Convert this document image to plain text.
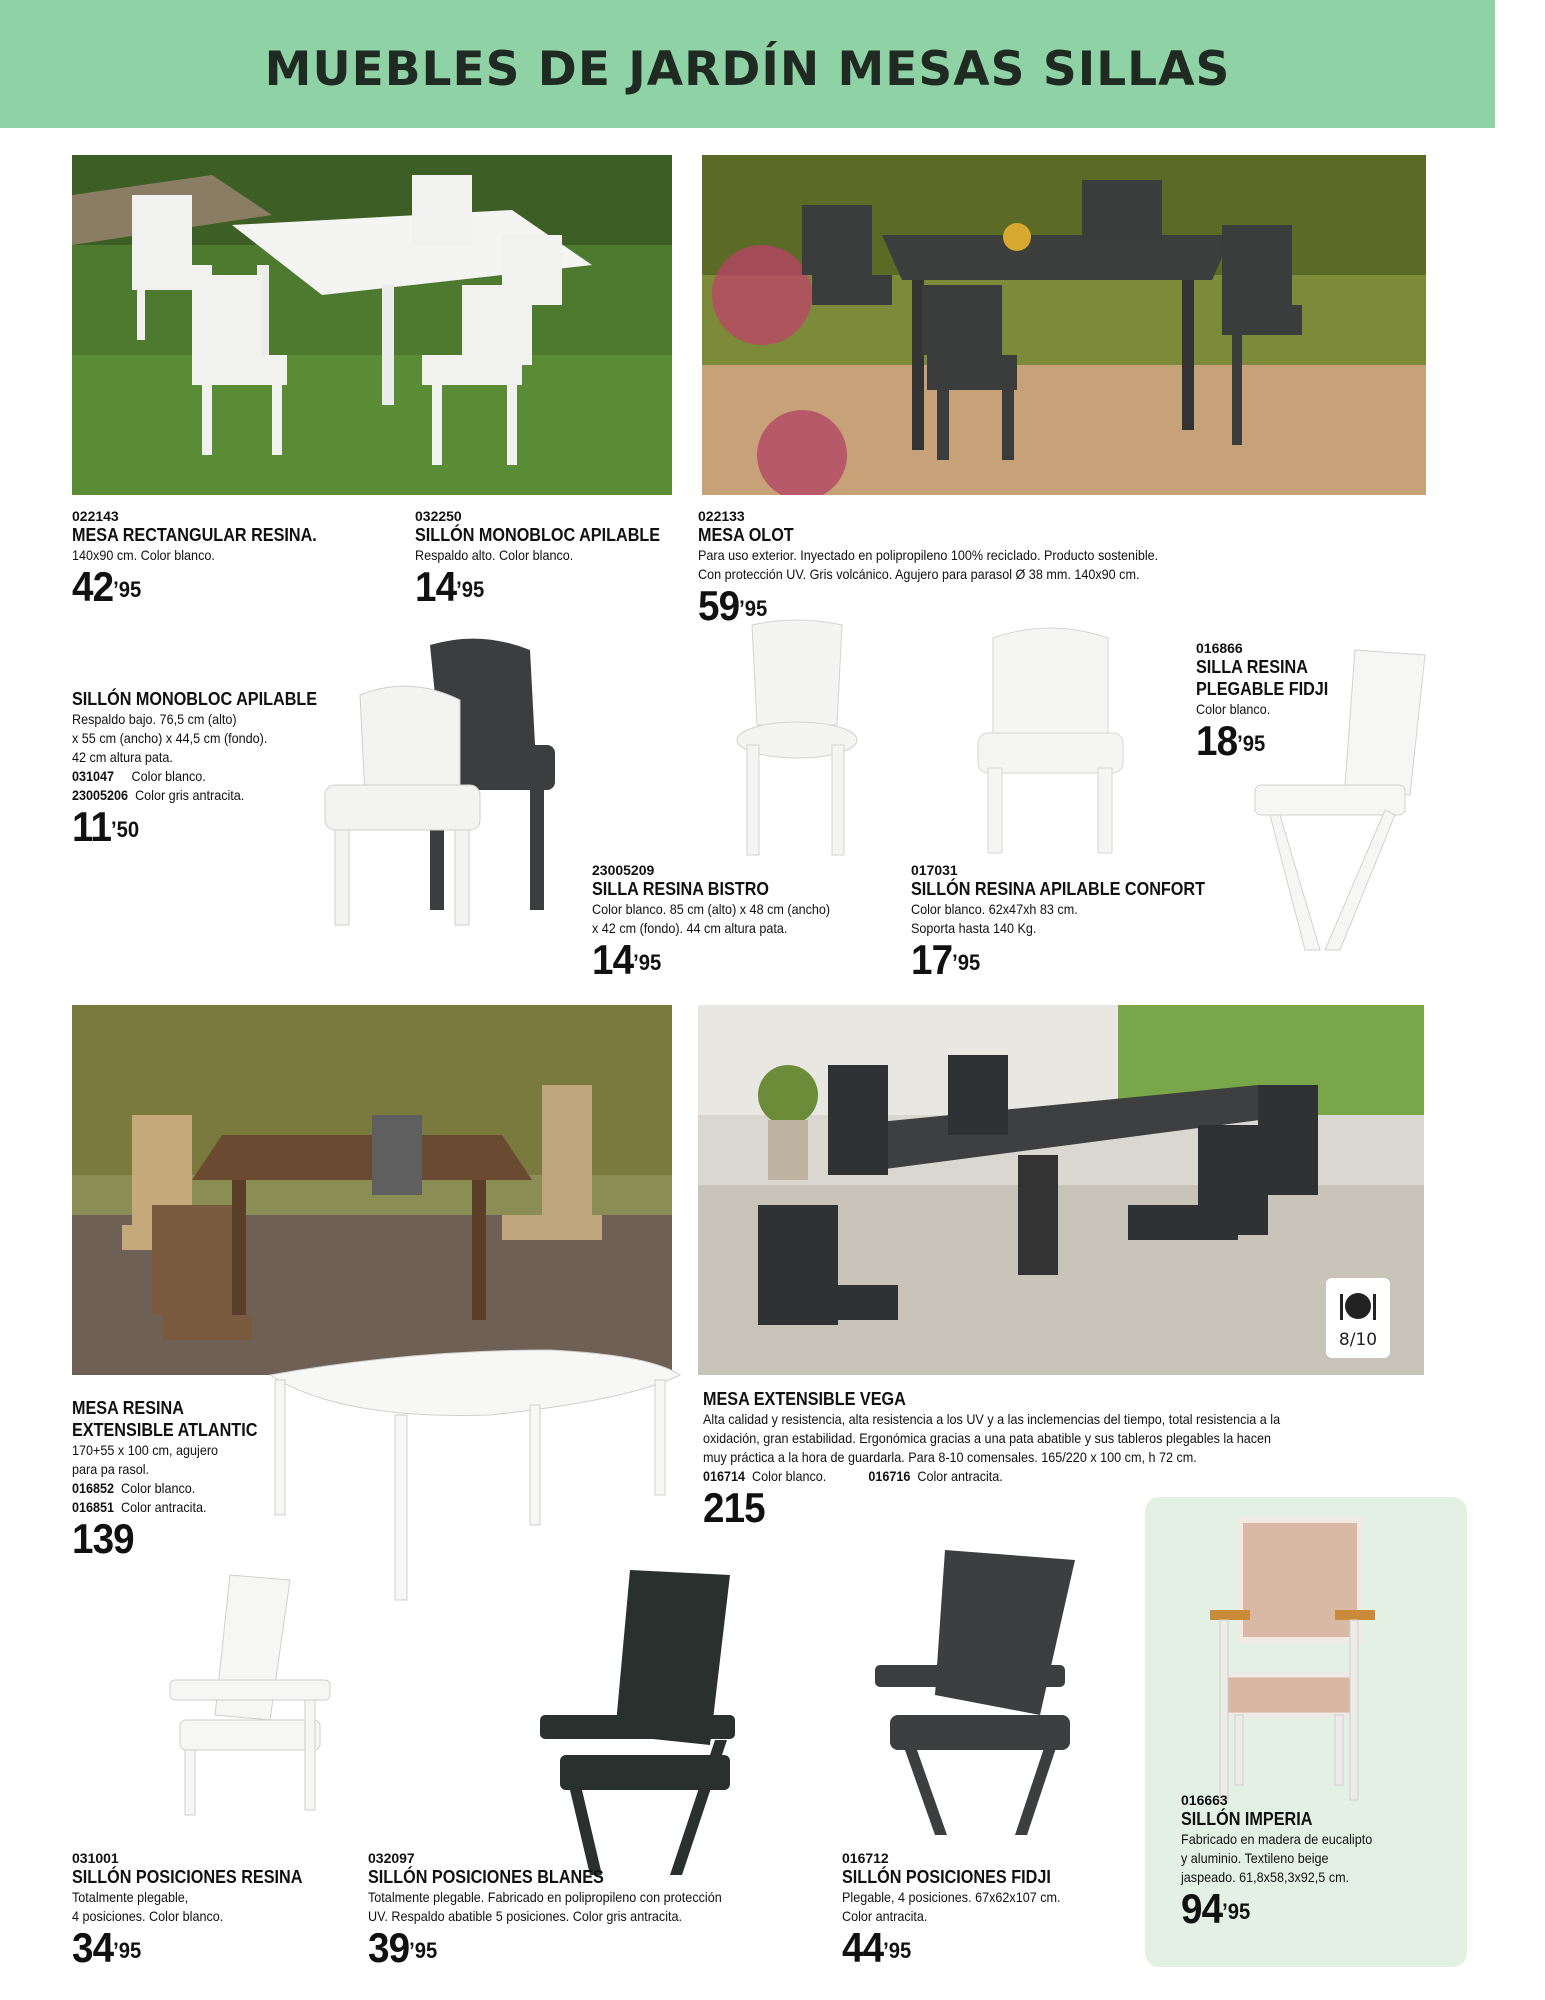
MUEBLES DE JARDÍN MESAS SILLAS
022143
MESA RECTANGULAR RESINA.
140x90 cm. Color blanco.
$42^{’95}$
032250
SILLÓN MONOBLOC APILABLE
Respaldo alto. Color blanco.
$14^{’95}$
022133
MESA OLOT
Para uso exterior. Inyectado en polipropileno 100% reciclado. Producto sostenible.
Con protección UV. Gris volcánico. Agujero para parasol Ø 38 mm. 140x90 cm.
$59^{’95}$
SILLÓN MONOBLOC APILABLE
Respaldo bajo. 76,5 cm (alto)
x 55 cm (ancho) x 44,5 cm (fondo).
42 cm altura pata.
031047 Color blanco.
23005206 Color gris antracita.
$11^{’50}$
23005209
SILLA RESINA BISTRO
Color blanco. 85 cm (alto) x 48 cm (ancho)
x 42 cm (fondo). 44 cm altura pata.
$14^{’95}$
017031
SILLÓN RESINA APILABLE CONFORT
Color blanco. 62x47xh 83 cm.
Soporta hasta 140 Kg.
$17^{’95}$
016866
SILLA RESINA
PLEGABLE FIDJI
Color blanco.
$18^{’95}$
MESA RESINA
EXTENSIBLE ATLANTIC
170+55 x 100 cm, agujero
para pa rasol.
016852 Color blanco.
016851 Color antracita.
139
MESA EXTENSIBLE VEGA
Alta calidad y resistencia, alta resistencia a los UV y a las inclemencias del tiempo, total resistencia a la
oxidación, gran estabilidad. Ergonómica gracias a una pata abatible y sus tableros plegables la hacen
muy práctica a la hora de guardarla. Para 8-10 comensales. 165/220 x 100 cm, h 72 cm.
016714 Color blanco.	016716 Color antracita.
215
8/10
031001
SILLÓN POSICIONES RESINA
Totalmente plegable,
4 posiciones. Color blanco.
$34^{’95}$
032097
SILLÓN POSICIONES BLANES
Totalmente plegable. Fabricado en polipropileno con protección
UV. Respaldo abatible 5 posiciones. Color gris antracita.
$39^{’95}$
016712
SILLÓN POSICIONES FIDJI
Plegable, 4 posiciones. 67x62x107 cm.
Color antracita.
$44^{’95}$
016663
SILLÓN IMPERIA
Fabricado en madera de eucalipto
y aluminio. Textileno beige
jaspeado. 61,8x58,3x92,5 cm.
$94^{’95}$
